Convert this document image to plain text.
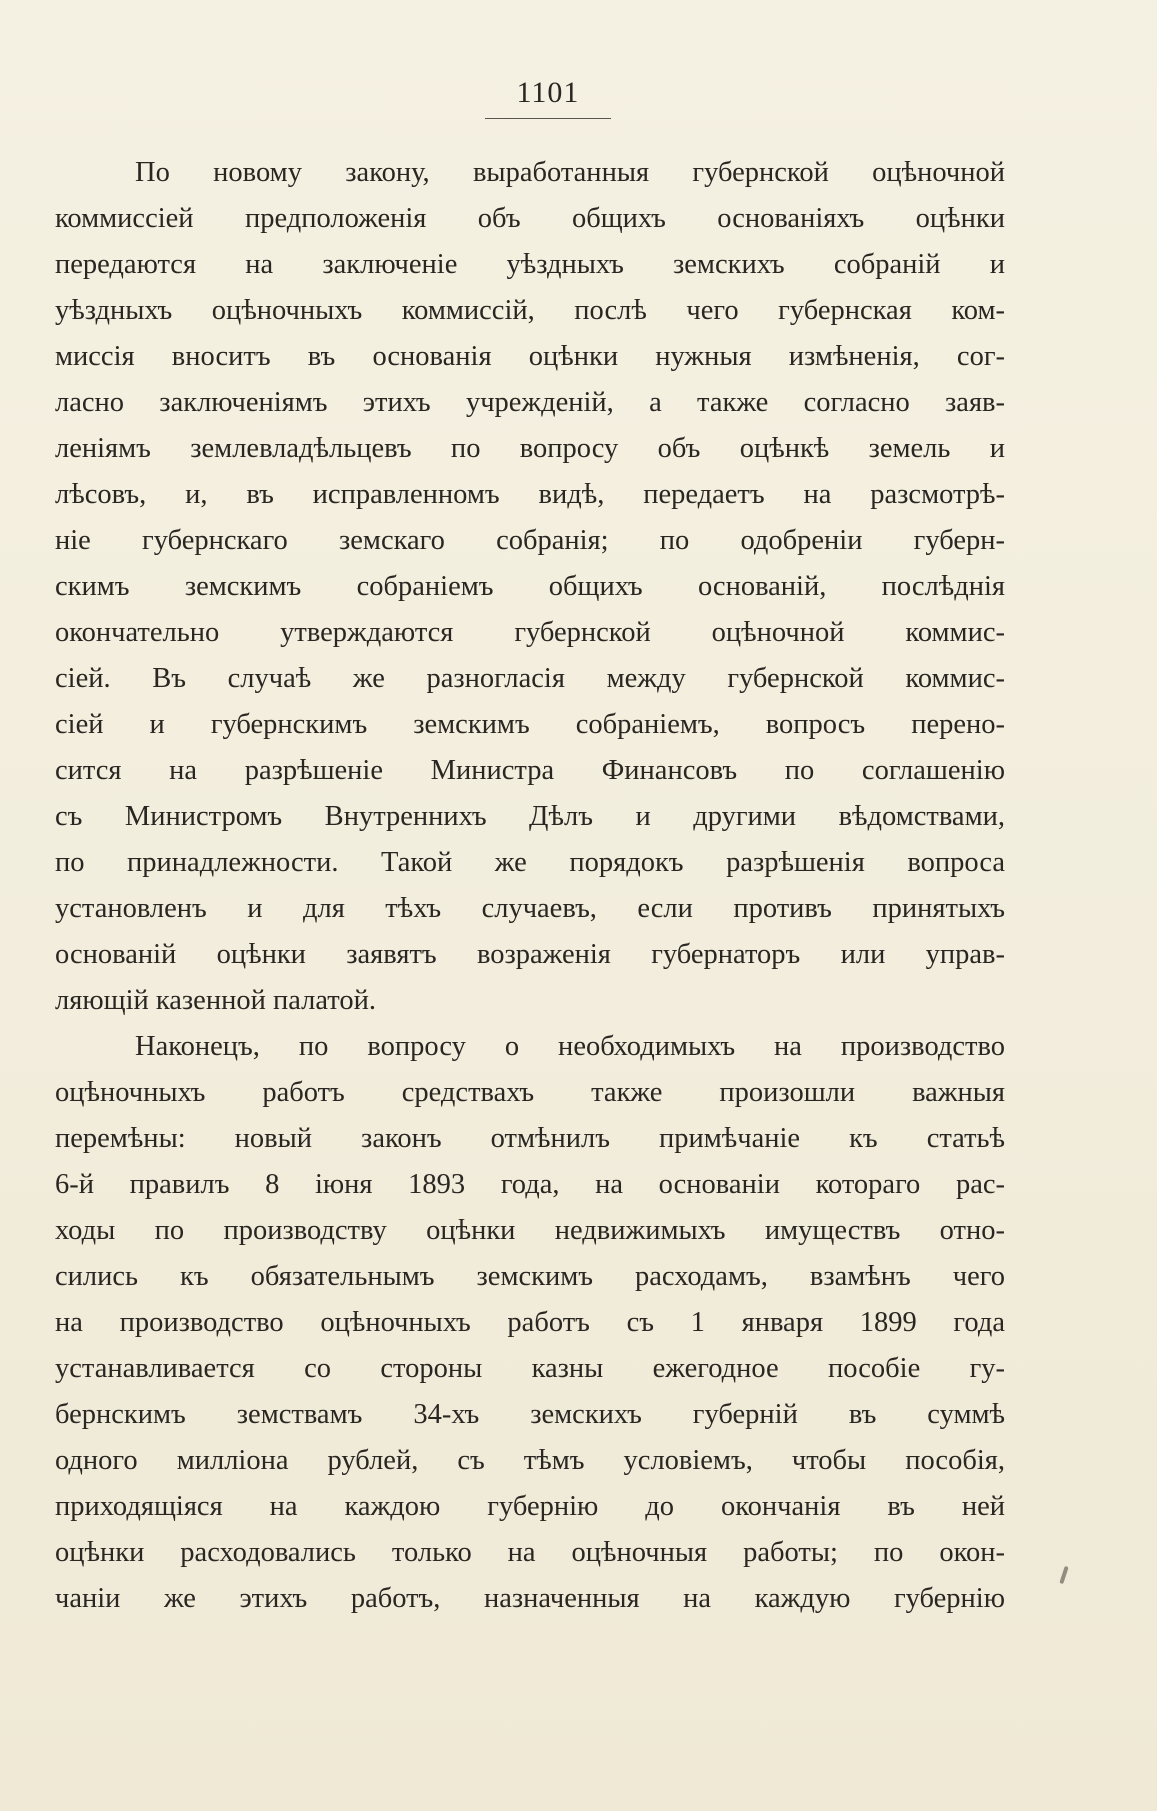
1101
По новому закону, выработанныя губернской оцѣночной
коммиссіей предположенія объ общихъ основаніяхъ оцѣнки
передаются на заключеніе уѣздныхъ земскихъ собраній и
уѣздныхъ оцѣночныхъ коммиссій, послѣ чего губернская ком-
миссія вноситъ въ основанія оцѣнки нужныя измѣненія, сог-
ласно заключеніямъ этихъ учрежденій, а также согласно заяв-
леніямъ землевладѣльцевъ по вопросу объ оцѣнкѣ земель и
лѣсовъ, и, въ исправленномъ видѣ, передаетъ на разсмотрѣ-
ніе губернскаго земскаго собранія; по одобреніи губерн-
скимъ земскимъ собраніемъ общихъ основаній, послѣднія
окончательно утверждаются губернской оцѣночной коммис-
сіей. Въ случаѣ же разногласія между губернской коммис-
сіей и губернскимъ земскимъ собраніемъ, вопросъ перено-
сится на разрѣшеніе Министра Финансовъ по соглашенію
съ Министромъ Внутреннихъ Дѣлъ и другими вѣдомствами,
по принадлежности. Такой же порядокъ разрѣшенія вопроса
установленъ и для тѣхъ случаевъ, если противъ принятыхъ
основаній оцѣнки заявятъ возраженія губернаторъ или управ-
ляющій казенной палатой.
Наконецъ, по вопросу о необходимыхъ на производство
оцѣночныхъ работъ средствахъ также произошли важныя
перемѣны: новый законъ отмѣнилъ примѣчаніе къ статьѣ
6-й правилъ 8 іюня 1893 года, на основаніи котораго рас-
ходы по производству оцѣнки недвижимыхъ имуществъ отно-
сились къ обязательнымъ земскимъ расходамъ, взамѣнъ чего
на производство оцѣночныхъ работъ съ 1 января 1899 года
устанавливается со стороны казны ежегодное пособіе гу-
бернскимъ земствамъ 34-хъ земскихъ губерній въ суммѣ
одного милліона рублей, съ тѣмъ условіемъ, чтобы пособія,
приходящіяся на каждою губернію до окончанія въ ней
оцѣнки расходовались только на оцѣночныя работы; по окон-
чаніи же этихъ работъ, назначенныя на каждую губернію
